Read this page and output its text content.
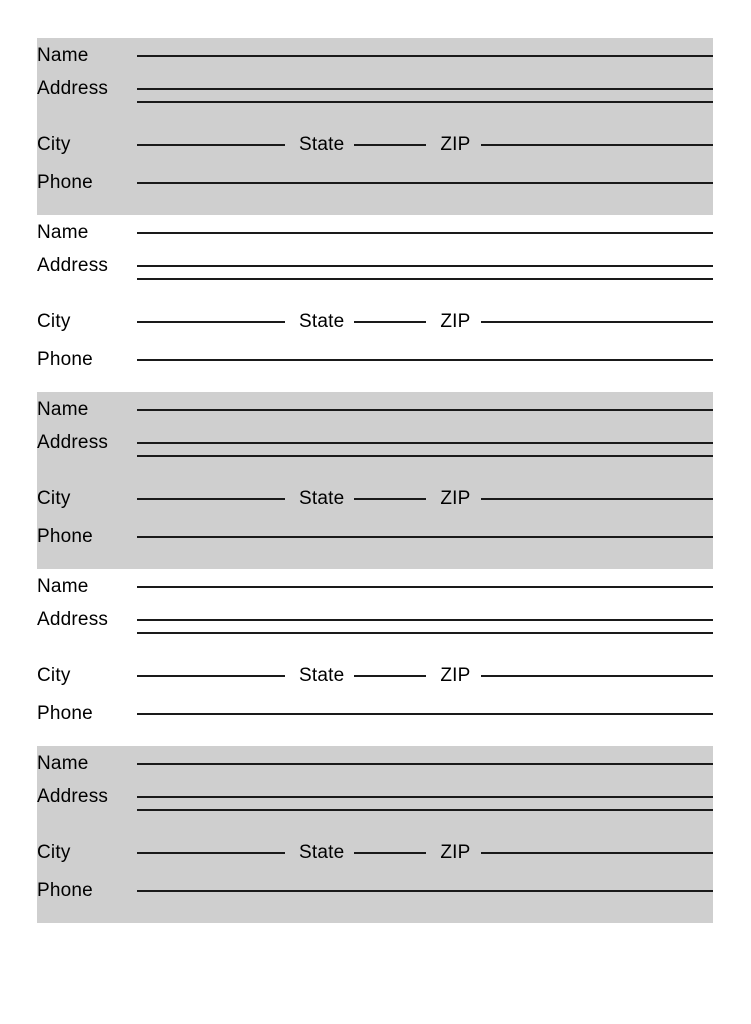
Name
Address
City	State	ZIP
Phone
Name
Address
City	State	ZIP
Phone
Name
Address
City	State	ZIP
Phone
Name
Address
City	State	ZIP
Phone
Name
Address
City	State	ZIP
Phone
